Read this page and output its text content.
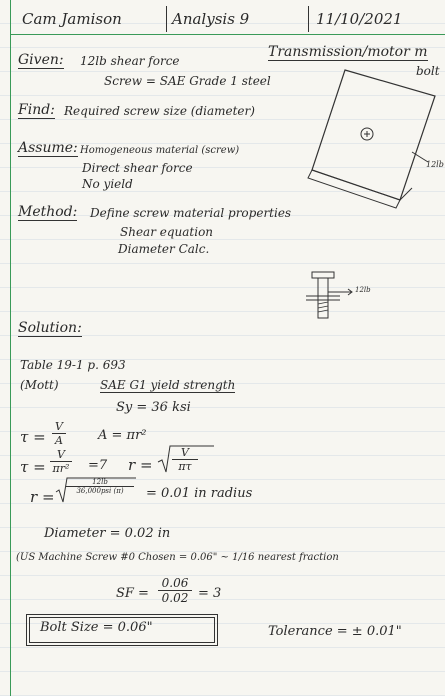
Cam Jamison	Analysis 9	11/10/2021
Given: 12lb shear force
Screw = SAE Grade 1 steel
Transmission/motor m
bolt
12lb
Find: Required screw size (diameter)
Assume: Homogeneous material (screw)
Direct shear force
No yield
Method: Define screw material properties
Shear equation
Diameter Calc.
12lb
Solution:
Table 19-1 p. 693
(Mott)	SAE G1 yield strength
Sy = 36 ksi
$\tau = \frac{V}{A}$ A = πr²
$\tau = \frac{V}{\text{πr²}} =7$ $r = \frac{V}{\pi\tau}$
r =
12lb
36,000psi (π)	= 0.01 in radius
Diameter = 0.02 in
(US Machine Screw #0 Chosen = 0.06" ~ 1/16 nearest fraction
SF = $\frac{0.06}{0.02} = 3$
Bolt Size = 0.06"	Tolerance = ± 0.01"
